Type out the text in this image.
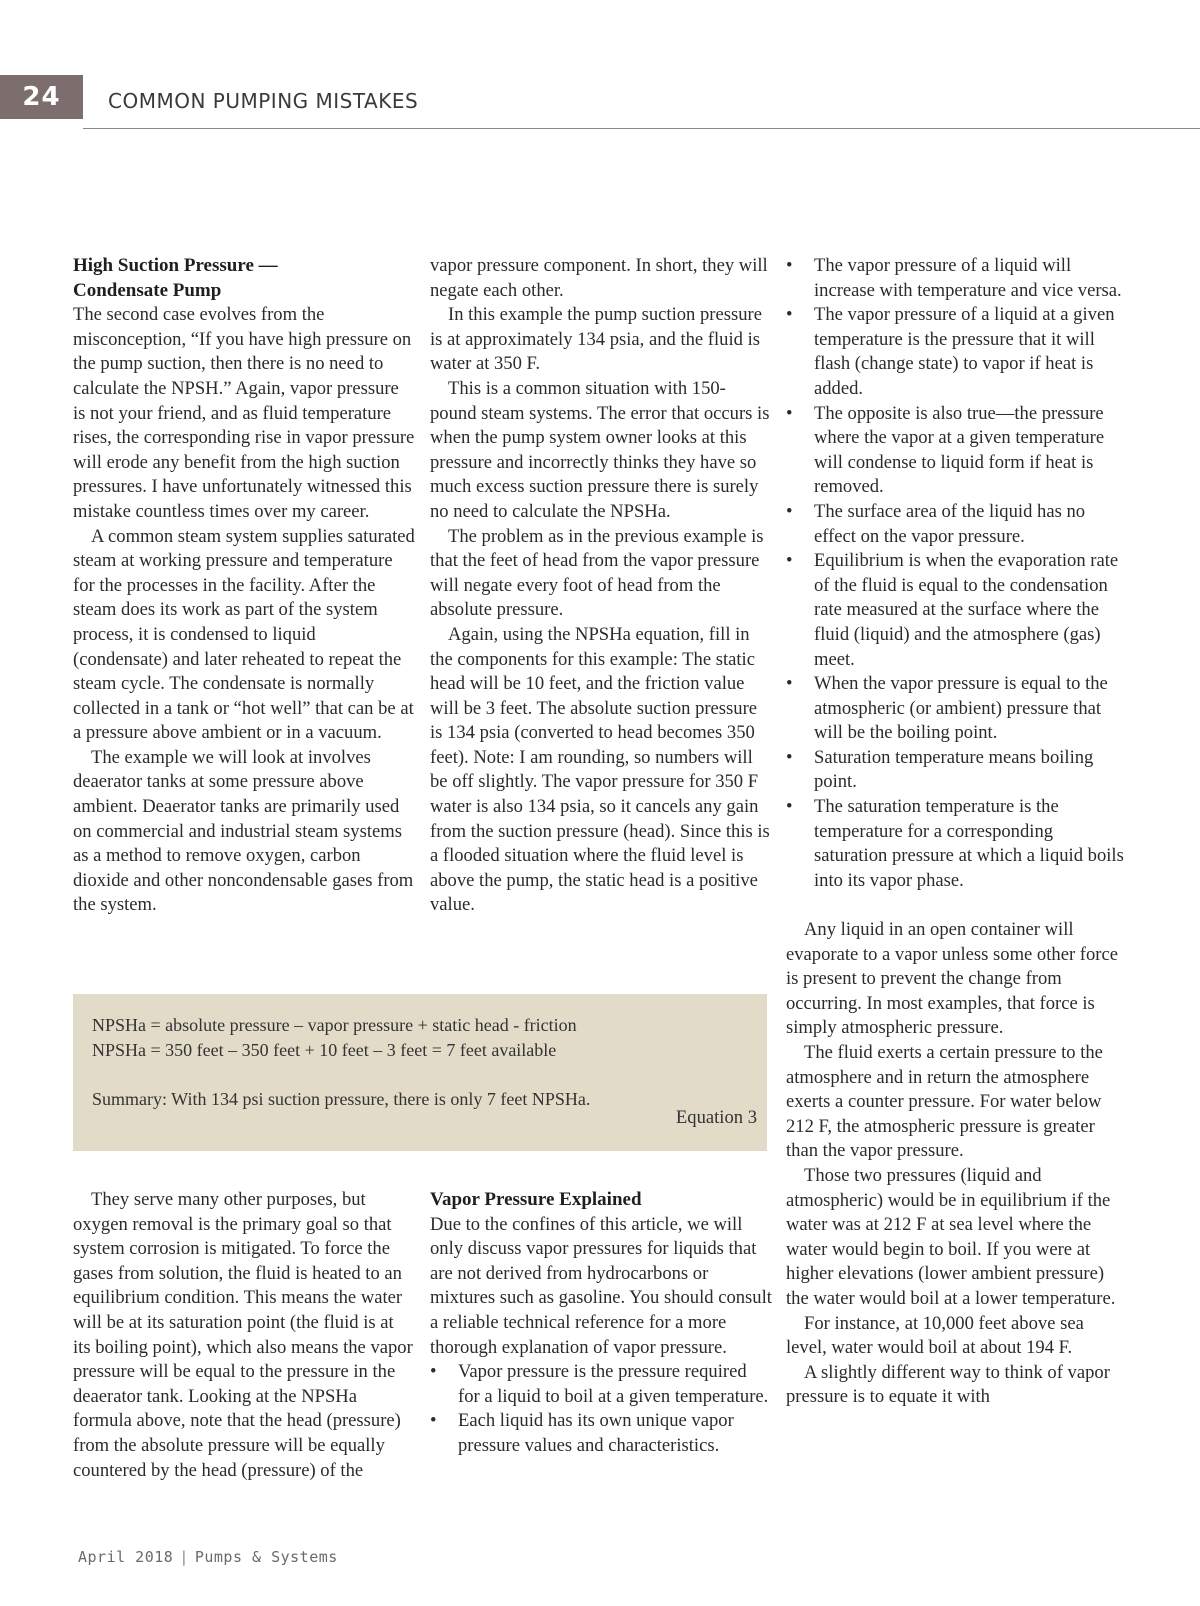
24	COMMON PUMPING MISTAKES
High Suction Pressure —
Condensate Pump

The second case evolves from the misconception, “If you have high pressure on the pump suction, then there is no need to calculate the NPSH.” Again, vapor pressure is not your friend, and as fluid temperature rises, the corresponding rise in vapor pressure will erode any benefit from the high suction pressures. I have unfortunately witnessed this mistake countless times over my career.

A common steam system supplies saturated steam at working pressure and temperature for the processes in the facility. After the steam does its work as part of the system process, it is condensed to liquid (condensate) and later reheated to repeat the steam cycle. The condensate is normally collected in a tank or “hot well” that can be at a pressure above ambient or in a vacuum.

The example we will look at involves deaerator tanks at some pressure above ambient. Deaerator tanks are primarily used on commercial and industrial steam systems as a method to remove oxygen, carbon dioxide and other noncondensable gases from the system.

vapor pressure component. In short, they will negate each other.

In this example the pump suction pressure is at approximately 134 psia, and the fluid is water at 350 F.

This is a common situation with 150-pound steam systems. The error that occurs is when the pump system owner looks at this pressure and incorrectly thinks they have so much excess suction pressure there is surely no need to calculate the NPSHa.

The problem as in the previous example is that the feet of head from the vapor pressure will negate every foot of head from the absolute pressure.

Again, using the NPSHa equation, fill in the components for this example: The static head will be 10 feet, and the friction value will be 3 feet. The absolute suction pressure is 134 psia (converted to head becomes 350 feet). Note: I am rounding, so numbers will be off slightly. The vapor pressure for 350 F water is also 134 psia, so it cancels any gain from the suction pressure (head). Since this is a flooded situation where the fluid level is above the pump, the static head is a positive value.

NPSHa = absolute pressure – vapor pressure + static head - friction
NPSHa = 350 feet – 350 feet + 10 feet – 3 feet = 7 feet available
Summary: With 134 psi suction pressure, there is only 7 feet NPSHa.
Equation 3

They serve many other purposes, but oxygen removal is the primary goal so that system corrosion is mitigated. To force the gases from solution, the fluid is heated to an equilibrium condition. This means the water will be at its saturation point (the fluid is at its boiling point), which also means the vapor pressure will be equal to the pressure in the deaerator tank. Looking at the NPSHa formula above, note that the head (pressure) from the absolute pressure will be equally countered by the head (pressure) of the

Vapor Pressure Explained

Due to the confines of this article, we will only discuss vapor pressures for liquids that are not derived from hydrocarbons or mixtures such as gasoline. You should consult a reliable technical reference for a more thorough explanation of vapor pressure.

•	Vapor pressure is the pressure required for a liquid to boil at a given temperature.
•	Each liquid has its own unique vapor pressure values and characteristics.
•	The vapor pressure of a liquid will increase with temperature and vice versa.
•	The vapor pressure of a liquid at a given temperature is the pressure that it will flash (change state) to vapor if heat is added.
•	The opposite is also true—the pressure where the vapor at a given temperature will condense to liquid form if heat is removed.
•	The surface area of the liquid has no effect on the vapor pressure.
•	Equilibrium is when the evaporation rate of the fluid is equal to the condensation rate measured at the surface where the fluid (liquid) and the atmosphere (gas) meet.
•	When the vapor pressure is equal to the atmospheric (or ambient) pressure that will be the boiling point.
•	Saturation temperature means boiling point.
•	The saturation temperature is the temperature for a corresponding saturation pressure at which a liquid boils into its vapor phase.

Any liquid in an open container will evaporate to a vapor unless some other force is present to prevent the change from occurring. In most examples, that force is simply atmospheric pressure.

The fluid exerts a certain pressure to the atmosphere and in return the atmosphere exerts a counter pressure. For water below 212 F, the atmospheric pressure is greater than the vapor pressure.

Those two pressures (liquid and atmospheric) would be in equilibrium if the water was at 212 F at sea level where the water would begin to boil. If you were at higher elevations (lower ambient pressure) the water would boil at a lower temperature.

For instance, at 10,000 feet above sea level, water would boil at about 194 F.

A slightly different way to think of vapor pressure is to equate it with

April 2018 | Pumps & Systems
